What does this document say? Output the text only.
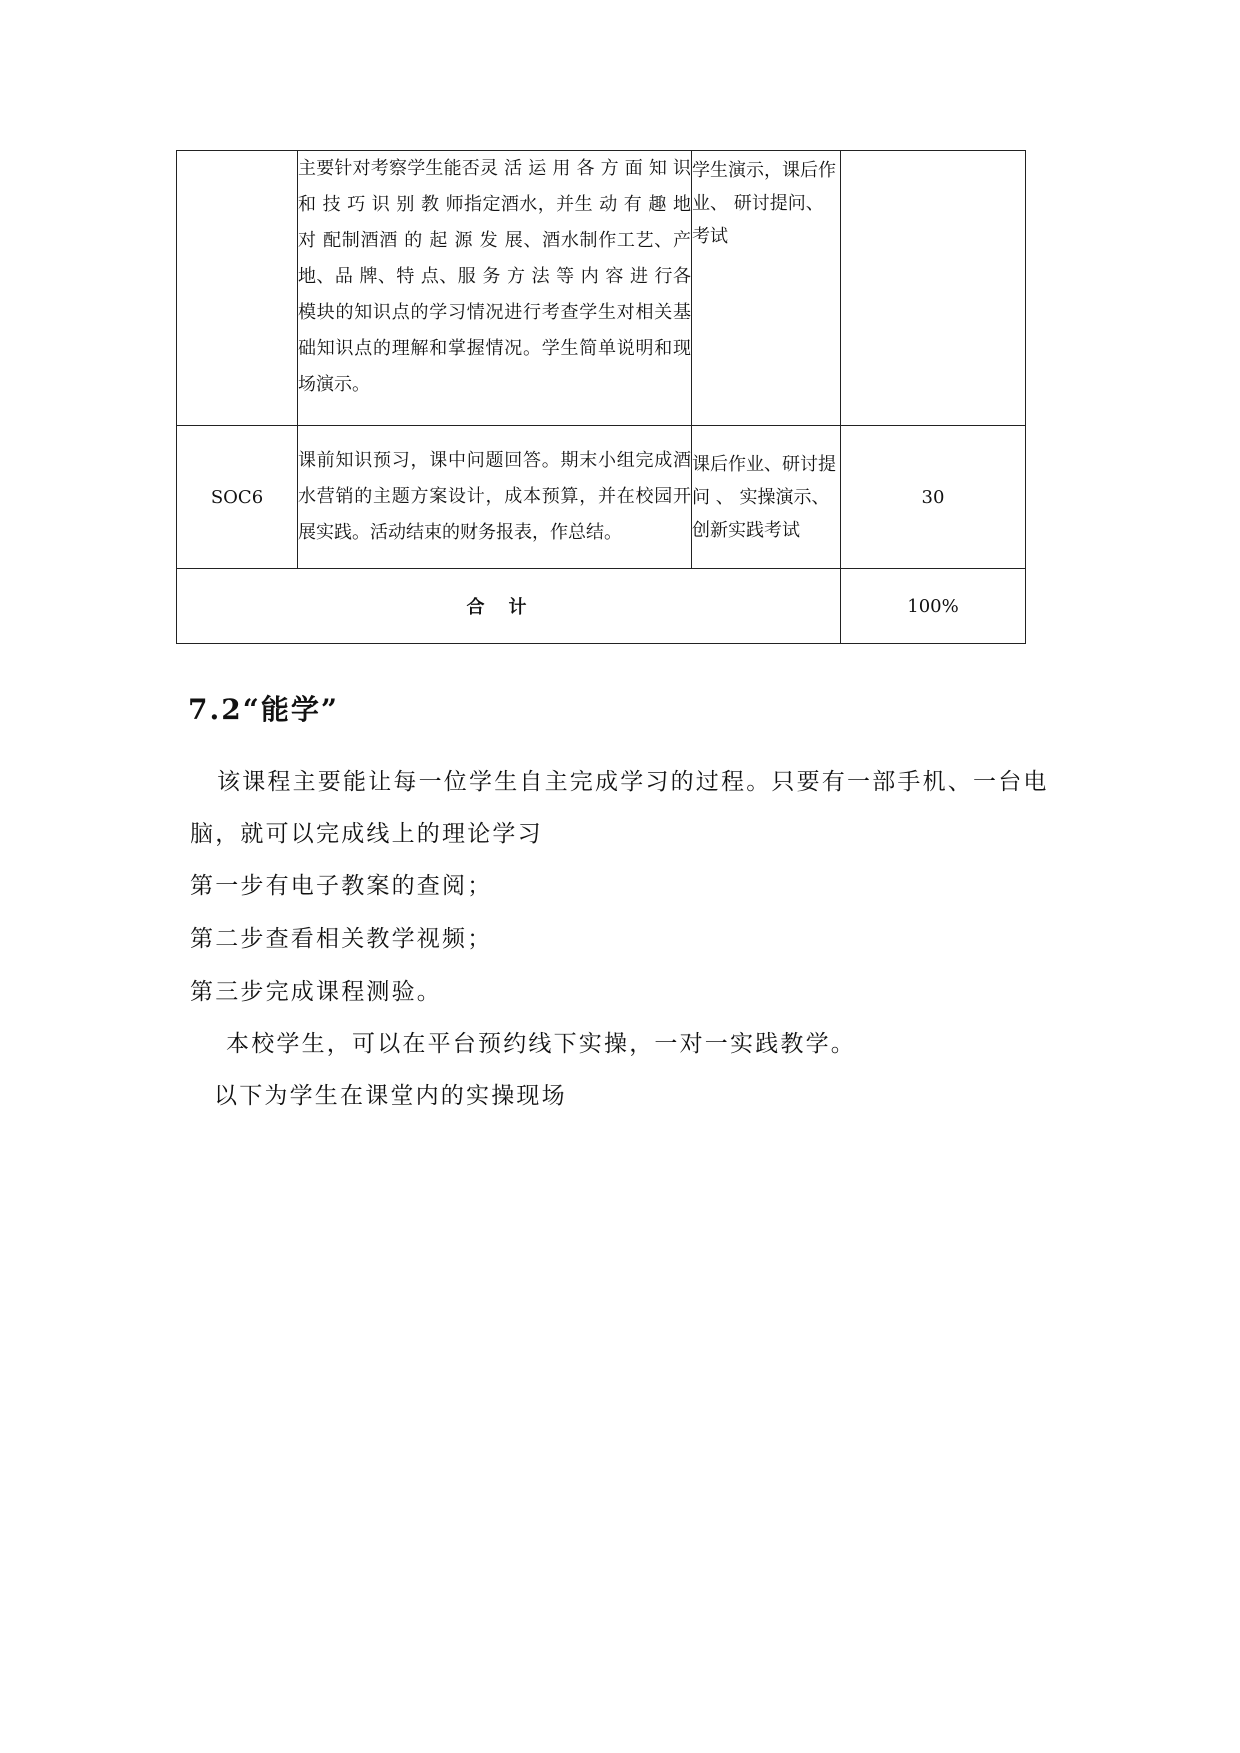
	主要针对考察学生能否灵 活 运 用 各 方 面 知 识 和 技 巧 识 别 教 师指定酒水，并生 动 有 趣 地 对 配制酒酒 的 起 源 发 展、酒水制作工艺、产 地、品 牌、特 点、服 务 方 法 等 内 容 进 行各模块的知识点的学习情况进行考查学生对相关基础知识点的理解和掌握情况。学生简单说明和现场演示。	学生演示，课后作业、 研讨提问、考试	
SOC6	课前知识预习，课中问题回答。期末小组完成酒水营销的主题方案设计，成本预算，并在校园开展实践。活动结束的财务报表，作总结。	课后作业、研讨提问 、 实操演示、创新实践考试	30
合计			100%
7.2“能学”
该课程主要能让每一位学生自主完成学习的过程。只要有一部手机、一台电
脑，就可以完成线上的理论学习
第一步有电子教案的查阅；
第二步查看相关教学视频；
第三步完成课程测验。
本校学生，可以在平台预约线下实操，一对一实践教学。
以下为学生在课堂内的实操现场
